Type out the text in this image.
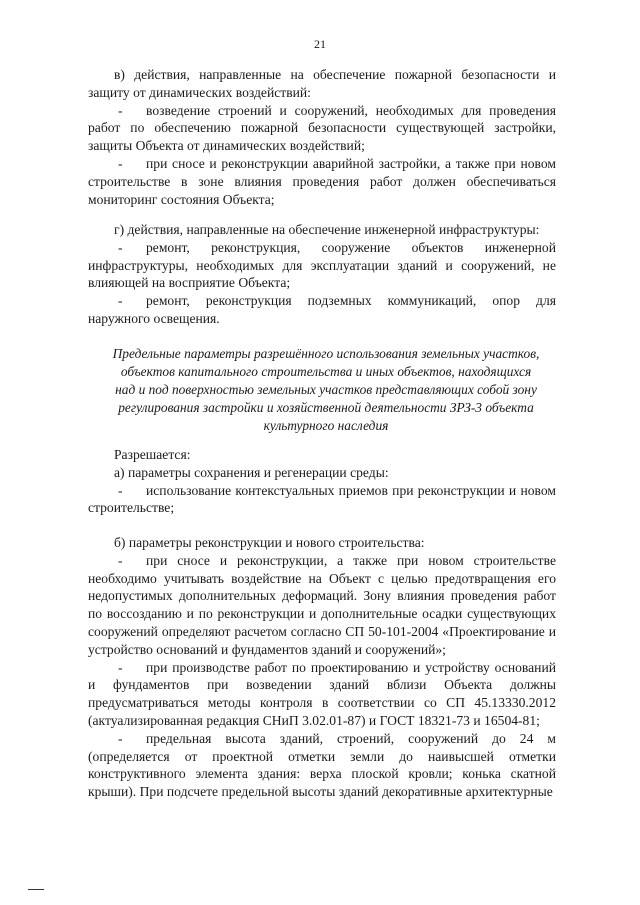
21

в) действия, направленные на обеспечение пожарной безопасности и защиту от динамических воздействий:

- возведение строений и сооружений, необходимых для проведения работ по обеспечению пожарной безопасности существующей застройки, защиты Объекта от динамических воздействий;

- при сносе и реконструкции аварийной застройки, а также при новом строительстве в зоне влияния проведения работ должен обеспечиваться мониторинг состояния Объекта;

г) действия, направленные на обеспечение инженерной инфраструктуры:

- ремонт, реконструкция, сооружение объектов инженерной инфраструктуры, необходимых для эксплуатации зданий и сооружений, не влияющей на восприятие Объекта;

- ремонт, реконструкция подземных коммуникаций, опор для наружного освещения.

Предельные параметры разрешённого использования земельных участков, объектов капитального строительства и иных объектов, находящихся над и под поверхностью земельных участков представляющих собой зону регулирования застройки и хозяйственной деятельности ЗРЗ-3 объекта культурного наследия

Разрешается:

а) параметры сохранения и регенерации среды:

- использование контекстуальных приемов при реконструкции и новом строительстве;

б) параметры реконструкции и нового строительства:

- при сносе и реконструкции, а также при новом строительстве необходимо учитывать воздействие на Объект с целью предотвращения его недопустимых дополнительных деформаций. Зону влияния проведения работ по воссозданию и по реконструкции и дополнительные осадки существующих сооружений определяют расчетом согласно СП 50-101-2004 «Проектирование и устройство оснований и фундаментов зданий и сооружений»;

- при производстве работ по проектированию и устройству оснований и фундаментов при возведении зданий вблизи Объекта должны предусматриваться методы контроля в соответствии со СП 45.13330.2012 (актуализированная редакция СНиП 3.02.01-87) и ГОСТ 18321-73 и 16504-81;

- предельная высота зданий, строений, сооружений до 24 м (определяется от проектной отметки земли до наивысшей отметки конструктивного элемента здания: верха плоской кровли; конька скатной крыши). При подсчете предельной высоты зданий декоративные архитектурные
